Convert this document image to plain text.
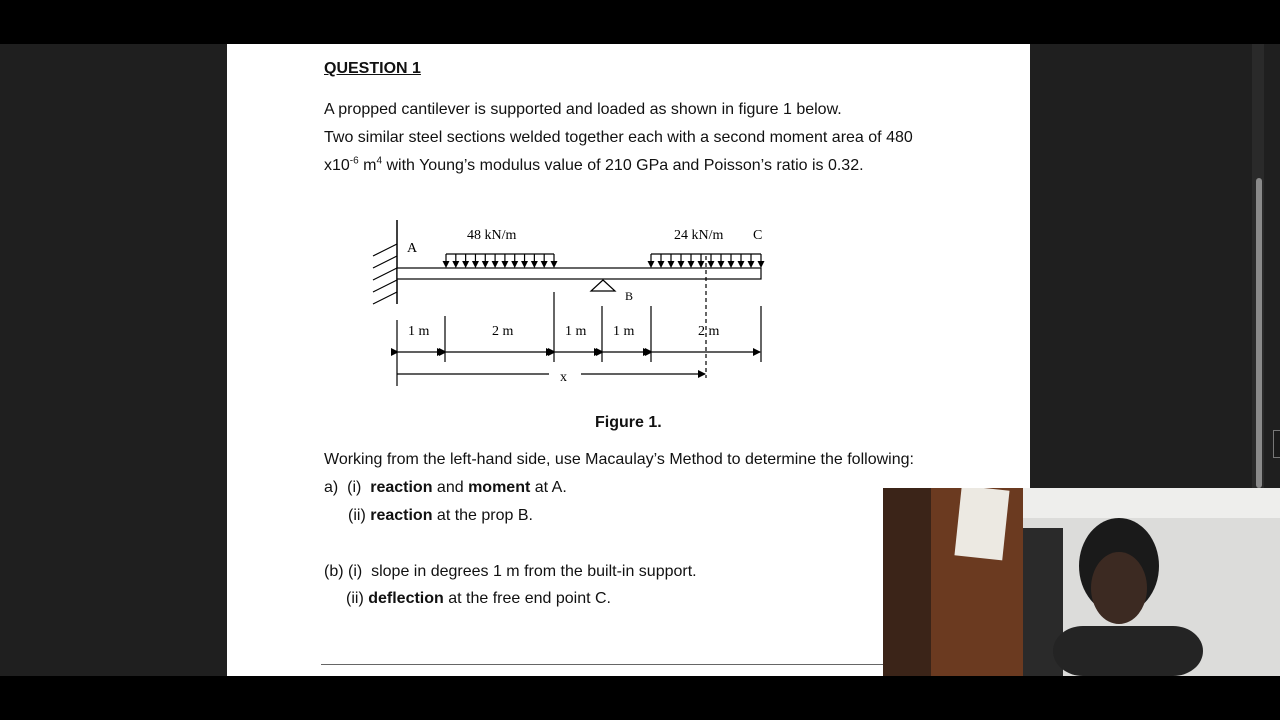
QUESTION 1
A propped cantilever is supported and loaded as shown in figure 1 below.
Two similar steel sections welded together each with a second moment area of 480
$x10^{-6}$ $m^4$ with Young’s modulus value of 210 GPa and Poisson’s ratio is 0.32.
A
48 kN/m	24 kN/m C
B
1 m	2 m	1 m 1 m	2 m
x
Figure 1.
Working from the left-hand side, use Macaulay’s Method to determine the following:
a)  (i)  reaction and moment at A.
(ii) reaction at the prop B.
(b) (i)  slope in degrees 1 m from the built-in support.
(ii) deflection at the free end point C.
